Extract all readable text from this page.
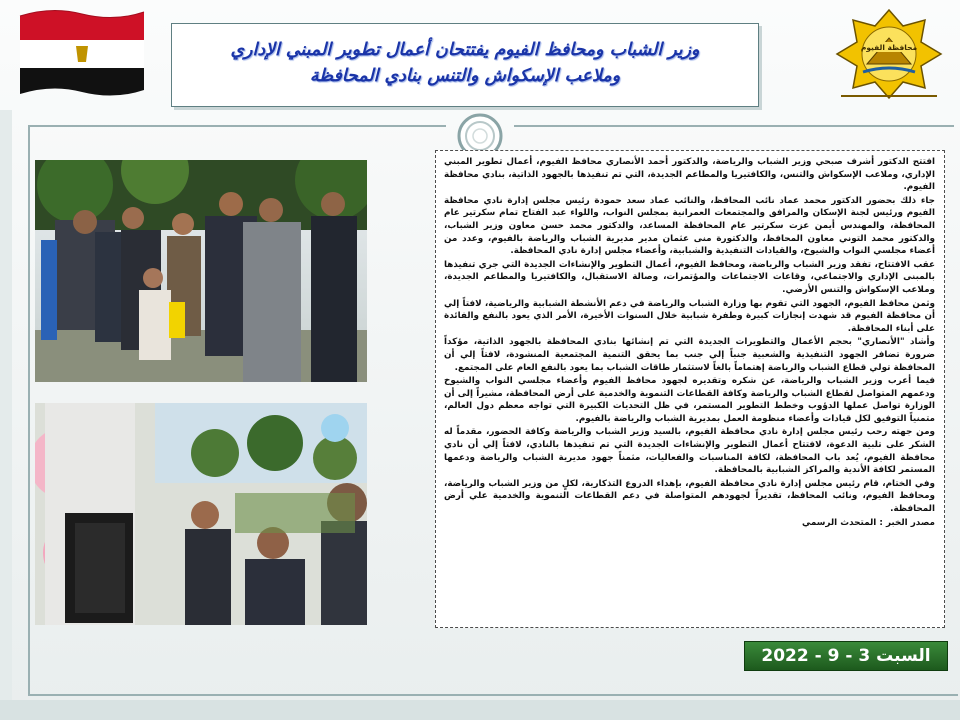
محافظة الفيوم
وزير الشباب ومحافظ الفيوم يفتتحان أعمال تطوير المبني الإداري
وملاعب الإسكواش والتنس بنادي المحافظة

افتتح الدكتور أشرف صبحي وزير الشباب والرياضة، والدكتور أحمد الأنصاري محافظ الفيوم، أعمال تطوير المبني الإداري، وملاعب الإسكواش والتنس، والكافتيريا والمطاعم الجديدة، التي تم تنفيذها بالجهود الذاتية، بنادي محافظة الفيوم.

جاء ذلك بحضور الدكتور محمد عماد نائب المحافظ، والنائب عماد سعد حمودة رئيس مجلس إدارة نادي محافظة الفيوم ورئيس لجنة الإسكان والمرافق والمجتمعات العمرانية بمجلس النواب، واللواء عبد الفتاح تمام سكرتير عام المحافظة، والمهندس أيمن عزت سكرتير عام المحافظة المساعد، والدكتور محمد حسن معاون وزير الشباب، والدكتور محمد التوني معاون المحافظ، والدكتورة منى عثمان مدير مديرية الشباب والرياضة بالفيوم، وعدد من أعضاء مجلسي النواب والشيوخ، والقيادات التنفيذية والشبابية، وأعضاء مجلس إدارة نادي المحافظة.

عقب الافتتاح، تفقد وزير الشباب والرياضة، ومحافظ الفيوم، أعمال التطوير والإنشاءات الجديدة التي جري تنفيذها بالمبنى الإداري والاجتماعي، وقاعات الاجتماعات والمؤتمرات، وصالة الاستقبال، والكافتيريا والمطاعم الجديدة، وملاعب الإسكواش والتنس الأرضي.

وثمن محافظ الفيوم، الجهود التي تقوم بها وزارة الشباب والرياضة في دعم الأنشطة الشبابية والرياضية، لافتاً إلي أن محافظة الفيوم قد شهدت إنجازات كبيرة وطفرة شبابية خلال السنوات الأخيرة، الأمر الذي يعود بالنفع والفائدة على أبناء المحافظة.

وأشاد "الأنصاري" بحجم الأعمال والتطويرات الجديدة التي تم إنشائها بنادي المحافظة بالجهود الذاتية، مؤكداً ضرورة تضافر الجهود التنفيذية والشعبية جنباً إلي جنب بما يحقق التنمية المجتمعية المنشودة، لافتاً إلي أن المحافظة تولي قطاع الشباب والرياضة إهتماماً بالغاً لاستثمار طاقات الشباب بما يعود بالنفع العام على المجتمع.

فيما أعرب وزير الشباب والرياضة، عن شكره وتقديره لجهود محافظ الفيوم وأعضاء مجلسي النواب والشيوخ ودعمهم المتواصل لقطاع الشباب والرياضة وكافة القطاعات التنموية والخدمية على أرض المحافظة، مشيراً إلى أن الوزارة تواصل عملها الدؤوب وخطط التطوير المستمر، في ظل التحديات الكبيرة التي تواجه معظم دول العالم، متمنياً التوفيق لكل قيادات وأعضاء منظومة العمل بمديرية الشباب والرياضة بالفيوم.

ومن جهته رحب رئيس مجلس إدارة نادي محافظة الفيوم، بالسيد وزير الشباب والرياضة وكافة الحضور، مقدماً له الشكر على تلبية الدعوة، لافتتاح أعمال التطوير والإنشاءات الجديدة التي تم تنفيذها بالنادي، لافتاً إلي أن نادي محافظة الفيوم، يُعد باب المحافظة، لكافة المناسبات والفعاليات، مثمناً جهود مديرية الشباب والرياضة ودعمها المستمر لكافة الأندية والمراكز الشبابية بالمحافظة.

وفي الختام، قام رئيس مجلس إدارة نادي محافظة الفيوم، بإهداء الدروع التذكارية، لكلٍ من وزير الشباب والرياضة، ومحافظ الفيوم، ونائب المحافظ، تقديراً لجهودهم المتواصلة في دعم القطاعات التنموية والخدمية علي أرض المحافظة.

مصدر الخبر : المتحدث الرسمي

السبت 3 - 9 - 2022
